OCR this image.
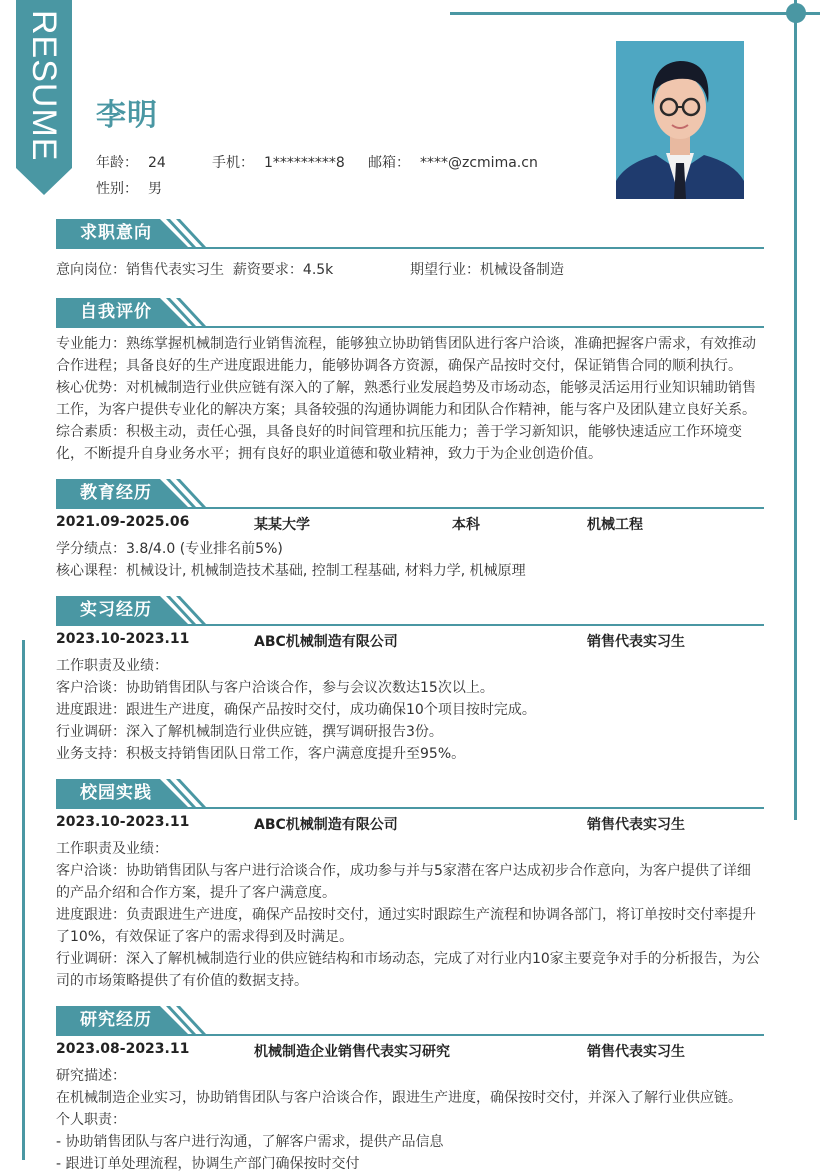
RESUME 李明
年龄： 24	手机： 1*********8 邮箱： ****@zcmima.cn
性别： 男
求职意向
意向岗位：销售代表实习生 薪资要求：4.5k	期望行业：机械设备制造
自我评价

专业能力：熟练掌握机械制造行业销售流程，能够独立协助销售团队进行客户洽谈，准确把握客户需求，有效推动合作进程；具备良好的生产进度跟进能力，能够协调各方资源，确保产品按时交付，保证销售合同的顺利执行。

核心优势：对机械制造行业供应链有深入的了解，熟悉行业发展趋势及市场动态，能够灵活运用行业知识辅助销售工作，为客户提供专业化的解决方案；具备较强的沟通协调能力和团队合作精神，能与客户及团队建立良好关系。

综合素质：积极主动，责任心强，具备良好的时间管理和抗压能力；善于学习新知识，能够快速适应工作环境变化，不断提升自身业务水平；拥有良好的职业道德和敬业精神，致力于为企业创造价值。

教育经历
2021.09-2025.06	某某大学	本科	机械工程

学分绩点：3.8/4.0 (专业排名前5%)

核心课程：机械设计, 机械制造技术基础, 控制工程基础, 材料力学, 机械原理

实习经历
2023.10-2023.11	ABC机械制造有限公司	销售代表实习生

工作职责及业绩：

客户洽谈：协助销售团队与客户洽谈合作，参与会议次数达15次以上。

进度跟进：跟进生产进度，确保产品按时交付，成功确保10个项目按时完成。

行业调研：深入了解机械制造行业供应链，撰写调研报告3份。

业务支持：积极支持销售团队日常工作，客户满意度提升至95%。

校园实践
2023.10-2023.11	ABC机械制造有限公司	销售代表实习生

工作职责及业绩：

客户洽谈：协助销售团队与客户进行洽谈合作，成功参与并与5家潜在客户达成初步合作意向，为客户提供了详细的产品介绍和合作方案，提升了客户满意度。

进度跟进：负责跟进生产进度，确保产品按时交付，通过实时跟踪生产流程和协调各部门，将订单按时交付率提升了10%，有效保证了客户的需求得到及时满足。

行业调研：深入了解机械制造行业的供应链结构和市场动态，完成了对行业内10家主要竞争对手的分析报告，为公司的市场策略提供了有价值的数据支持。

研究经历
2023.08-2023.11	机械制造企业销售代表实习研究	销售代表实习生

研究描述：

在机械制造企业实习，协助销售团队与客户洽谈合作，跟进生产进度，确保按时交付，并深入了解行业供应链。

个人职责：

- 协助销售团队与客户进行沟通，了解客户需求，提供产品信息

- 跟进订单处理流程，协调生产部门确保按时交付
